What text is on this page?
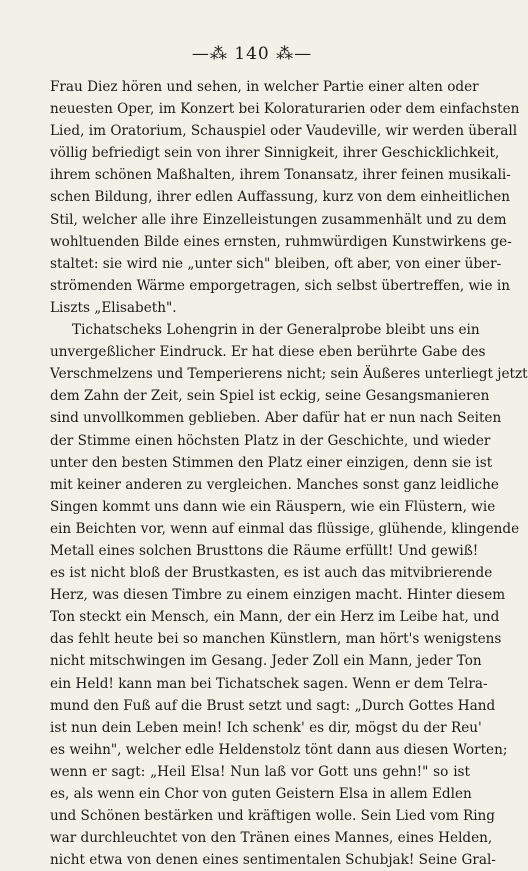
—⁂ 140 ⁂—
Frau Diez hören und sehen, in welcher Partie einer alten oder
neuesten Oper, im Konzert bei Koloraturarien oder dem einfachsten
Lied, im Oratorium, Schauspiel oder Vaudeville, wir werden überall
völlig befriedigt sein von ihrer Sinnigkeit, ihrer Geschicklichkeit,
ihrem schönen Maßhalten, ihrem Tonansatz, ihrer feinen musikali-
schen Bildung, ihrer edlen Auffassung, kurz von dem einheitlichen
Stil, welcher alle ihre Einzelleistungen zusammenhält und zu dem
wohltuenden Bilde eines ernsten, ruhmwürdigen Kunstwirkens ge-
staltet: sie wird nie „unter sich" bleiben, oft aber, von einer über-
strömenden Wärme emporgetragen, sich selbst übertreffen, wie in
Liszts „Elisabeth".
Tichatscheks Lohengrin in der Generalprobe bleibt uns ein
unvergeßlicher Eindruck. Er hat diese eben berührte Gabe des
Verschmelzens und Temperierens nicht; sein Äußeres unterliegt jetzt
dem Zahn der Zeit, sein Spiel ist eckig, seine Gesangsmanieren
sind unvollkommen geblieben. Aber dafür hat er nun nach Seiten
der Stimme einen höchsten Platz in der Geschichte, und wieder
unter den besten Stimmen den Platz einer einzigen, denn sie ist
mit keiner anderen zu vergleichen. Manches sonst ganz leidliche
Singen kommt uns dann wie ein Räuspern, wie ein Flüstern, wie
ein Beichten vor, wenn auf einmal das flüssige, glühende, klingende
Metall eines solchen Brusttons die Räume erfüllt! Und gewiß!
es ist nicht bloß der Brustkasten, es ist auch das mitvibrierende
Herz, was diesen Timbre zu einem einzigen macht. Hinter diesem
Ton steckt ein Mensch, ein Mann, der ein Herz im Leibe hat, und
das fehlt heute bei so manchen Künstlern, man hört's wenigstens
nicht mitschwingen im Gesang. Jeder Zoll ein Mann, jeder Ton
ein Held! kann man bei Tichatschek sagen. Wenn er dem Telra-
mund den Fuß auf die Brust setzt und sagt: „Durch Gottes Hand
ist nun dein Leben mein! Ich schenk' es dir, mögst du der Reu'
es weihn", welcher edle Heldenstolz tönt dann aus diesen Worten;
wenn er sagt: „Heil Elsa! Nun laß vor Gott uns gehn!" so ist
es, als wenn ein Chor von guten Geistern Elsa in allem Edlen
und Schönen bestärken und kräftigen wolle. Sein Lied vom Ring
war durchleuchtet von den Tränen eines Mannes, eines Helden,
nicht etwa von denen eines sentimentalen Schubjak! Seine Gral-
